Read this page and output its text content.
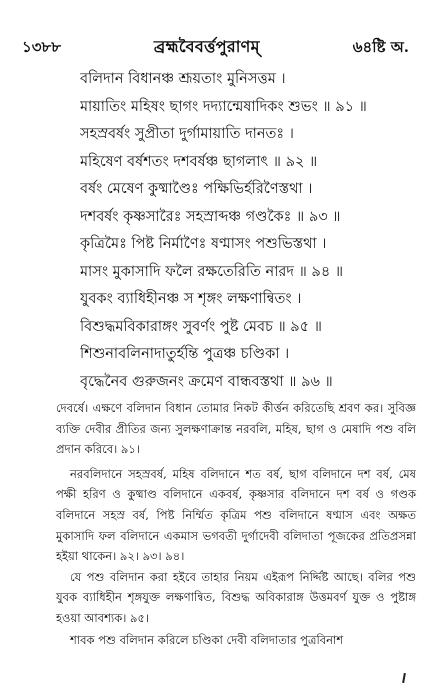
১৩৮৮	ব্রহ্মবৈবর্ত্তপুরাণম্	৬৪ষ্টি অ.
বলিদান বিধানঞ্চ শ্রূয়তাং মুনিসত্তম ।
মায়াতিং মহিষং ছাগং দদ্যান্মেষাদিকং শুভং ॥ ৯১ ॥
সহস্রবর্ষং সুপ্রীতা দুর্গামায়াতি দানতঃ ।
মহিষেণ বর্ষশতং দশবর্ষঞ্চ ছাগলাৎ ॥ ৯২ ॥
বর্ষং মেষেণ কুষ্মাণ্ডৈঃ পক্ষিভির্হরিণৈস্তথা ।
দশবর্ষং কৃষ্ণসারৈঃ সহস্রাব্দঞ্চ গণ্ডকৈঃ ॥ ৯৩ ॥
কৃত্রিমৈঃ পিষ্ট নির্মাণৈঃ ষণ্মাসং পশুভিস্তথা ।
মাসং মুকাসাদি ফলৈ রক্ষতেরিতি নারদ ॥ ৯৪ ॥
যুবকং ব্যাধিহীনঞ্চ স শৃঙ্গং লক্ষণান্বিতং ।
বিশুদ্ধমবিকারাঙ্গং সুবর্ণং পুষ্ট মেবচ ॥ ৯৫ ॥
শিশুনাবলিনাদাতুর্হন্তি পুত্রঞ্চ চণ্ডিকা ।
বৃদ্ধেনৈব গুরুজনং ক্রমেণ বান্ধবস্তথা ॥ ৯৬ ॥

দেবর্ষে। এক্ষণে বলিদান বিধান তোমার নিকট কীর্ত্তন করিতেছি শ্রবণ কর। সুবিজ্ঞ ব্যক্তি দেবীর প্রীতির জন্য সুলক্ষণাক্রান্ত নরবলি, মহিষ, ছাগ ও মেষাদি পশু বলি প্রদান করিবে। ৯১।

নরবলিদানে সহস্রবর্ষ, মহিষ বলিদানে শত বর্ষ, ছাগ বলিদানে দশ বর্ষ, মেষ পক্ষী হরিণ ও কুষ্মাণ্ড বলিদানে একবর্ষ, কৃষ্ণসার বলিদানে দশ বর্ষ ও গণ্ডক বলিদানে সহস্র বর্ষ, পিষ্ট নির্ম্মিত কৃত্রিম পশু বলিদানে ষণ্মাস এবং অক্ষত মুকাসাদি ফল বলিদানে একমাস ভগবতী দুর্গাদেবী বলিদাতা পূজকের প্রতিপ্রসন্না হইয়া থাকেন। ৯২। ৯৩। ৯৪।

যে পশু বলিদান করা হইবে তাহার নিয়ম এইরূপ নির্দ্দিষ্ট আছে। বলির পশু যুবক ব্যাধিহীন শৃঙ্গযুক্ত লক্ষণান্বিত, বিশুদ্ধ অবিকারাঙ্গ উত্তমবর্ণ যুক্ত ও পুষ্টাঙ্গ হওয়া আবশ্যক। ৯৫।

শাবক পশু বলিদান করিলে চণ্ডিকা দেবী বলিদাতার পুত্রবিনাশ
